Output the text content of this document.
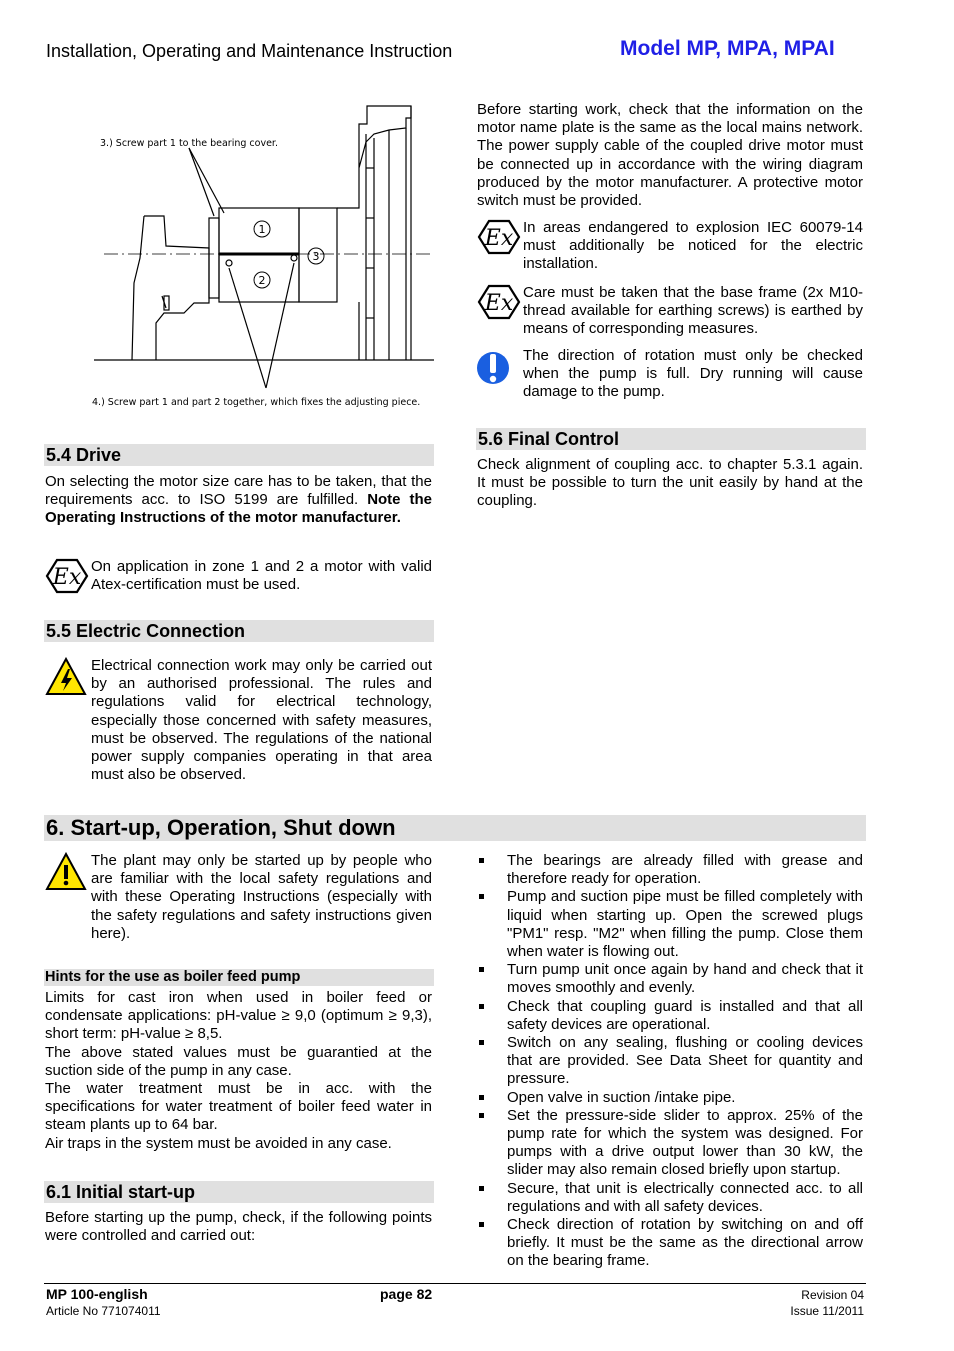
Installation, Operating and Maintenance Instruction	Model MP, MPA, MPAI
1
2
3
3.) Screw part 1 to the bearing cover.
4.) Screw part 1 and part 2 together, which fixes the adjusting piece.
5.4 Drive
On selecting the motor size care has to be taken, that the requirements acc. to ISO 5199 are fulfilled. Note the Operating Instructions of the motor manufacturer.
Ex On application in zone 1 and 2 a motor with valid Atex-certification must be used.
5.5 Electric Connection
Electrical connection work may only be carried out by an authorised professional. The rules and regulations valid for electrical technology, especially those concerned with safety measures, must be observed. The regulations of the national power supply companies operating in that area must also be observed.
Before starting work, check that the information on the motor name plate is the same as the local mains network. The power supply cable of the coupled drive motor must be connected up in accordance with the wiring diagram produced by the motor manufacturer. A protective motor switch must be provided.
Ex In areas endangered to explosion IEC 60079-14 must additionally be noticed for the electric installation.
Ex Care must be taken that the base frame (2x M10-thread available for earthing screws) is earthed by means of corresponding measures.
The direction of rotation must only be checked when the pump is full. Dry running will cause damage to the pump.
5.6 Final Control
Check alignment of coupling acc. to chapter 5.3.1 again. It must be possible to turn the unit easily by hand at the coupling.
6. Start-up, Operation, Shut down
The plant may only be started up by people who are familiar with the local safety regulations and with these Operating Instructions (especially with the safety regulations and safety instructions given here).
Hints for the use as boiler feed pump

Limits for cast iron when used in boiler feed or condensate applications: pH-value ≥ 9,0 (optimum ≥ 9,3), short term: pH-value ≥ 8,5.

The above stated values must be guarantied at the suction side of the pump in any case.

The water treatment must be in acc. with the specifications for water treatment of boiler feed water in steam plants up to 64 bar.

Air traps in the system must be avoided in any case.

6.1 Initial start-up
Before starting up the pump, check, if the following points were controlled and carried out:
The bearings are already filled with grease and therefore ready for operation.
Pump and suction pipe must be filled completely with liquid when starting up. Open the screwed plugs "PM1" resp. "M2" when filling the pump. Close them when water is flowing out.
Turn pump unit once again by hand and check that it moves smoothly and evenly.
Check that coupling guard is installed and that all safety devices are operational.
Switch on any sealing, flushing or cooling devices that are provided. See Data Sheet for quantity and pressure.
Open valve in suction /intake pipe.
Set the pressure-side slider to approx. 25% of the pump rate for which the system was designed. For pumps with a drive output lower than 30 kW, the slider may also remain closed briefly upon startup.
Secure, that unit is electrically connected acc. to all regulations and with all safety devices.
Check direction of rotation by switching on and off briefly. It must be the same as the directional arrow on the bearing frame.
MP 100-english
Article No 771074011
page 82	Revision 04
Issue 11/2011
